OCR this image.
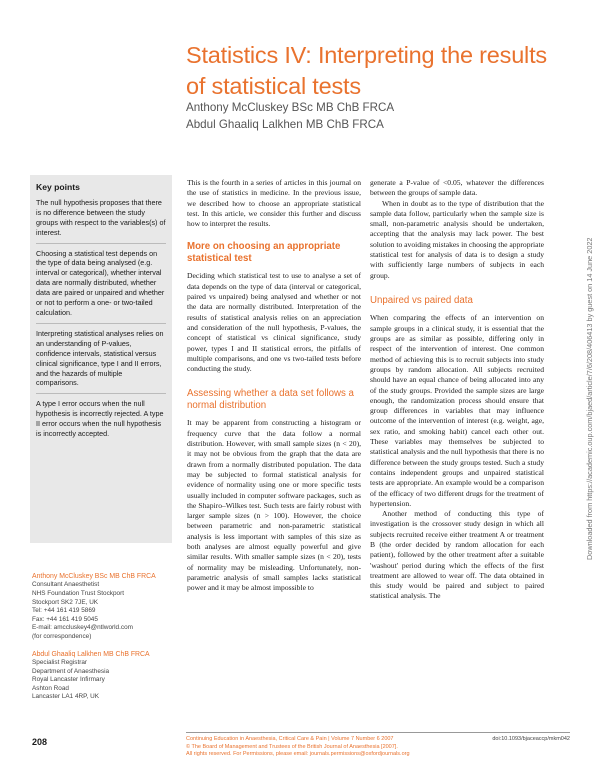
Statistics IV: Interpreting the results of statistical tests
Anthony McCluskey BSc MB ChB FRCA
Abdul Ghaaliq Lalkhen MB ChB FRCA
Key points
The null hypothesis proposes that there is no difference between the study groups with respect to the variables(s) of interest.
Choosing a statistical test depends on the type of data being analysed (e.g. interval or categorical), whether interval data are normally distributed, whether data are paired or unpaired and whether or not to perform a one- or two-tailed calculation.
Interpreting statistical analyses relies on an understanding of P-values, confidence intervals, statistical versus clinical significance, type I and II errors, and the hazards of multiple comparisons.
A type I error occurs when the null hypothesis is incorrectly rejected. A type II error occurs when the null hypothesis is incorrectly accepted.
Anthony McCluskey BSc MB ChB FRCA
Consultant Anaesthetist
NHS Foundation Trust Stockport
Stockport SK2 7JE, UK
Tel: +44 161 419 5869
Fax: +44 161 419 5045
E-mail: amccluskey4@ntlworld.com
(for correspondence)
Abdul Ghaaliq Lalkhen MB ChB FRCA
Specialist Registrar
Department of Anaesthesia
Royal Lancaster Infirmary
Ashton Road
Lancaster LA1 4RP, UK

This is the fourth in a series of articles in this journal on the use of statistics in medicine. In the previous issue, we described how to choose an appropriate statistical test. In this article, we consider this further and discuss how to interpret the results.

More on choosing an appropriate statistical test

Deciding which statistical test to use to analyse a set of data depends on the type of data (interval or categorical, paired vs unpaired) being analysed and whether or not the data are normally distributed. Interpretation of the results of statistical analysis relies on an appreciation and consideration of the null hypothesis, P-values, the concept of statistical vs clinical significance, study power, types I and II statistical errors, the pitfalls of multiple comparisons, and one vs two-tailed tests before conducting the study.

Assessing whether a data set follows a normal distribution

It may be apparent from constructing a histogram or frequency curve that the data follow a normal distribution. However, with small sample sizes (n < 20), it may not be obvious from the graph that the data are drawn from a normally distributed population. The data may be subjected to formal statistical analysis for evidence of normality using one or more specific tests usually included in computer software packages, such as the Shapiro–Wilkes test. Such tests are fairly robust with larger sample sizes (n > 100). However, the choice between parametric and non-parametric statistical analysis is less important with samples of this size as both analyses are almost equally powerful and give similar results. With smaller sample sizes (n < 20), tests of normality may be misleading. Unfortunately, non-parametric analysis of small samples lacks statistical power and it may be almost impossible to

generate a P-value of <0.05, whatever the differences between the groups of sample data.

When in doubt as to the type of distribution that the sample data follow, particularly when the sample size is small, non-parametric analysis should be undertaken, accepting that the analysis may lack power. The best solution to avoiding mistakes in choosing the appropriate statistical test for analysis of data is to design a study with sufficiently large numbers of subjects in each group.

Unpaired vs paired data

When comparing the effects of an intervention on sample groups in a clinical study, it is essential that the groups are as similar as possible, differing only in respect of the intervention of interest. One common method of achieving this is to recruit subjects into study groups by random allocation. All subjects recruited should have an equal chance of being allocated into any of the study groups. Provided the sample sizes are large enough, the randomization process should ensure that group differences in variables that may influence outcome of the intervention of interest (e.g. weight, age, sex ratio, and smoking habit) cancel each other out. These variables may themselves be subjected to statistical analysis and the null hypothesis that there is no difference between the study groups tested. Such a study contains independent groups and unpaired statistical tests are appropriate. An example would be a comparison of the efficacy of two different drugs for the treatment of hypertension.

Another method of conducting this type of investigation is the crossover study design in which all subjects recruited receive either treatment A or treatment B (the order decided by random allocation for each patient), followed by the other treatment after a suitable 'washout' period during which the effects of the first treatment are allowed to wear off. The data obtained in this study would be paired and subject to paired statistical analysis. The

208	Continuing Education in Anaesthesia, Critical Care & Pain | Volume 7 Number 6 2007
© The Board of Management and Trustees of the British Journal of Anaesthesia [2007].
All rights reserved. For Permissions, please email: journals.permissions@oxfordjournals.org
doi:10.1093/bjaceaccp/mkm042
Downloaded from https://academic.oup.com/bjaed/article/7/6/208/406413 by guest on 14 June 2022
